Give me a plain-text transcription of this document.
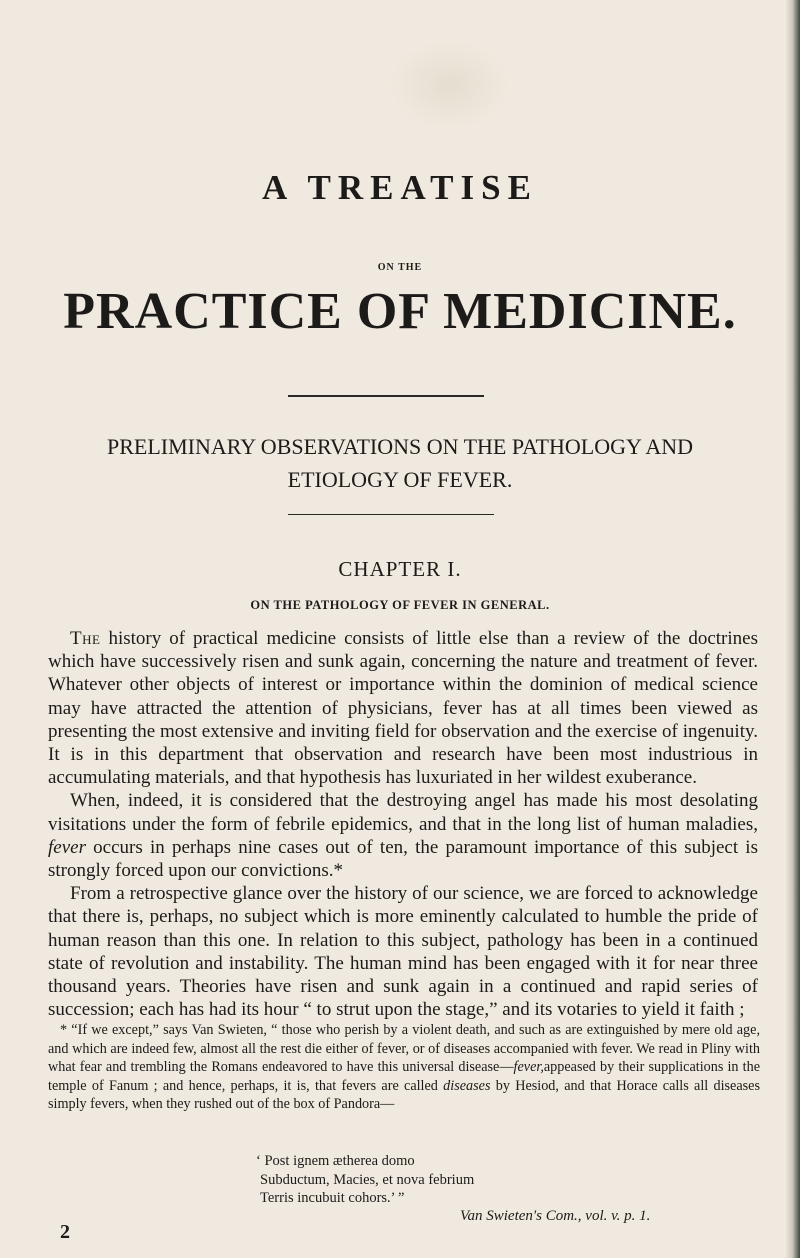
A TREATISE
ON THE
PRACTICE OF MEDICINE.
PRELIMINARY OBSERVATIONS ON THE PATHOLOGY AND
ETIOLOGY OF FEVER.
CHAPTER I.
ON THE PATHOLOGY OF FEVER IN GENERAL.

The history of practical medicine consists of little else than a review of the doctrines which have successively risen and sunk again, concerning the nature and treatment of fever. Whatever other objects of interest or importance within the dominion of medical science may have attracted the attention of physicians, fever has at all times been viewed as presenting the most extensive and inviting field for observation and the exercise of ingenuity. It is in this department that observation and research have been most industrious in accumulating materials, and that hypothesis has luxuriated in her wildest exuberance.

When, indeed, it is considered that the destroying angel has made his most desolating visitations under the form of febrile epidemics, and that in the long list of human maladies, fever occurs in perhaps nine cases out of ten, the paramount importance of this subject is strongly forced upon our convictions.*

From a retrospective glance over the history of our science, we are forced to acknowledge that there is, perhaps, no subject which is more eminently calculated to humble the pride of human reason than this one. In relation to this subject, pathology has been in a continued state of revolution and instability. The human mind has been engaged with it for near three thousand years. Theories have risen and sunk again in a continued and rapid series of succession; each has had its hour “ to strut upon the stage,” and its votaries to yield it faith ;

* “If we except,” says Van Swieten, “ those who perish by a violent death, and such as are extinguished by mere old age, and which are indeed few, almost all the rest die either of fever, or of diseases accompanied with fever. We read in Pliny with what fear and trembling the Romans endeavored to have this universal disease—fever,appeased by their supplications in the temple of Fanum ; and hence, perhaps, it is, that fevers are called diseases by Hesiod, and that Horace calls all diseases simply fevers, when they rushed out of the box of Pandora—

‘ Post ignem ætherea domo
Subductum, Macies, et nova febrium
Terris incubuit cohors.’ ”
Van Swieten's Com., vol. v. p. 1.
2
